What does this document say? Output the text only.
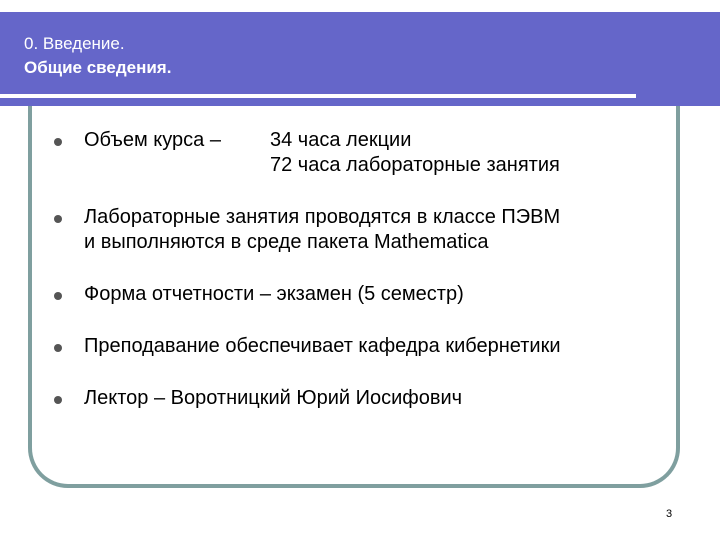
0. Введение.
Общие сведения.
Объем курса –	34 часа лекции
72 часа лабораторные занятия
Лабораторные занятия проводятся в классе ПЭВМ
и выполняются в среде пакета Mathematica
Форма отчетности – экзамен (5 семестр)
Преподавание обеспечивает кафедра кибернетики
Лектор – Воротницкий Юрий Иосифович
3
